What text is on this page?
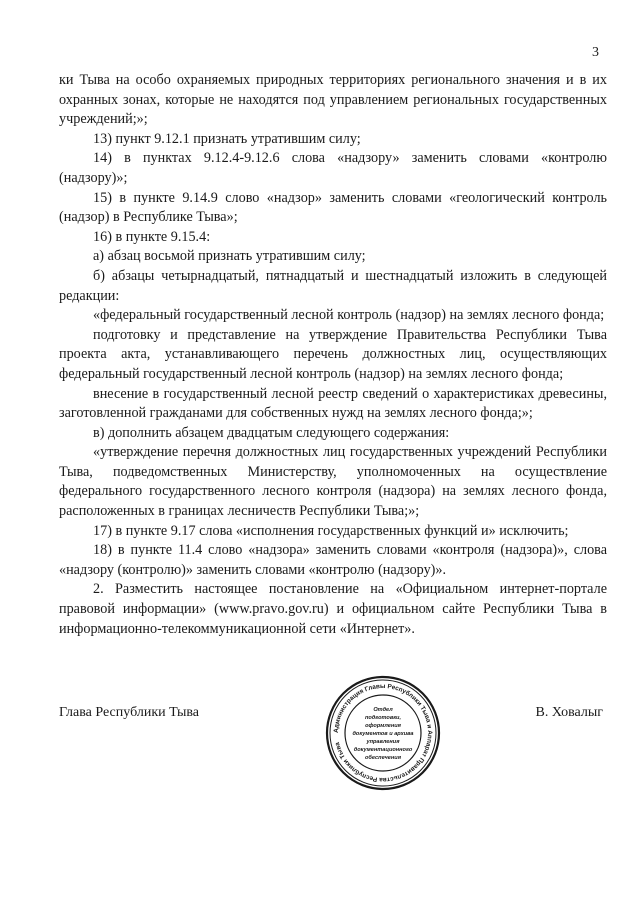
3

ки Тыва на особо охраняемых природных территориях регионального значения и в их охранных зонах, которые не находятся под управлением региональных государственных учреждений;»;

13) пункт 9.12.1 признать утратившим силу;

14) в пунктах 9.12.4-9.12.6 слова «надзору» заменить словами «контролю (надзору)»;

15) в пункте 9.14.9 слово «надзор» заменить словами «геологический контроль (надзор) в Республике Тыва»;

16) в пункте 9.15.4:

а) абзац восьмой признать утратившим силу;

б) абзацы четырнадцатый, пятнадцатый и шестнадцатый изложить в следующей редакции:

«федеральный государственный лесной контроль (надзор) на землях лесного фонда;

подготовку и представление на утверждение Правительства Республики Тыва проекта акта, устанавливающего перечень должностных лиц, осуществляющих федеральный государственный лесной контроль (надзор) на землях лесного фонда;

внесение в государственный лесной реестр сведений о характеристиках древесины, заготовленной гражданами для собственных нужд на землях лесного фонда;»;

в) дополнить абзацем двадцатым следующего содержания:

«утверждение перечня должностных лиц государственных учреждений Республики Тыва, подведомственных Министерству, уполномоченных на осуществление федерального государственного лесного контроля (надзора) на землях лесного фонда, расположенных в границах лесничеств Республики Тыва;»;

17) в пункте 9.17 слова «исполнения государственных функций и» исключить;

18) в пункте 11.4 слово «надзора» заменить словами «контроля (надзора)», слова «надзору (контролю)» заменить словами «контролю (надзору)».

2. Разместить настоящее постановление на «Официальном интернет-портале правовой информации» (www.pravo.gov.ru) и официальном сайте Республики Тыва в информационно-телекоммуникационной сети «Интернет».

Глава Республики Тыва	В. Ховалыг
Администрация Главы Республики Тыва и Аппарат Правительства Республики Тыва
Отдел
подготовки,
оформления
документов и архива
управления
документационного
обеспечения
